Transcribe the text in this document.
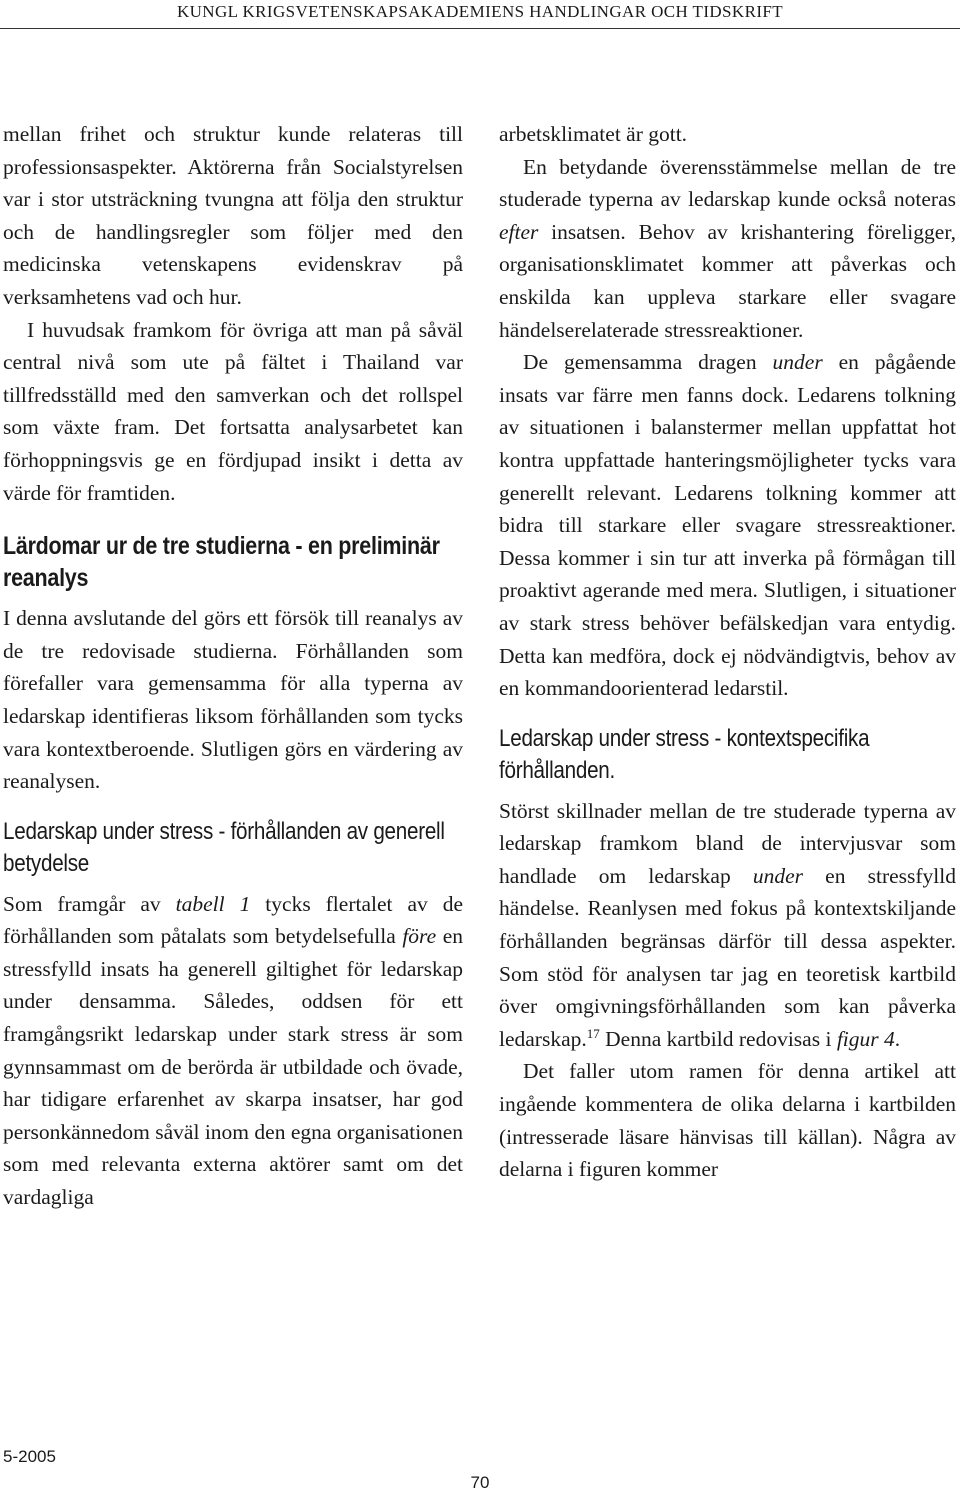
KUNGL KRIGSVETENSKAPSAKADEMIENS HANDLINGAR OCH TIDSKRIFT

mellan frihet och struktur kunde relateras till professionsaspekter. Aktörerna från Socialstyrelsen var i stor utsträckning tvungna att följa den struktur och de handlingsregler som följer med den medicinska vetenskapens evidenskrav på verksamhetens vad och hur.

I huvudsak framkom för övriga att man på såväl central nivå som ute på fältet i Thailand var tillfredsställd med den samverkan och det rollspel som växte fram. Det fortsatta analysarbetet kan förhoppningsvis ge en fördjupad insikt i detta av värde för framtiden.

Lärdomar ur de tre studierna - en preliminär reanalys

I denna avslutande del görs ett försök till reanalys av de tre redovisade studierna. Förhållanden som förefaller vara gemensamma för alla typerna av ledarskap identifieras liksom förhållanden som tycks vara kontextberoende. Slutligen görs en värdering av reanalysen.

Ledarskap under stress - förhållanden av generell betydelse

Som framgår av tabell 1 tycks flertalet av de förhållanden som påtalats som betydelsefulla före en stressfylld insats ha generell giltighet för ledarskap under densamma. Således, oddsen för ett framgångsrikt ledarskap under stark stress är som gynnsammast om de berörda är utbildade och övade, har tidigare erfarenhet av skarpa insatser, har god personkännedom såväl inom den egna organisationen som med relevanta externa aktörer samt om det vardagliga

arbetsklimatet är gott.

En betydande överensstämmelse mellan de tre studerade typerna av ledarskap kunde också noteras efter insatsen. Behov av krishantering föreligger, organisationsklimatet kommer att påverkas och enskilda kan uppleva starkare eller svagare händelserelaterade stressreaktioner.

De gemensamma dragen under en pågående insats var färre men fanns dock. Ledarens tolkning av situationen i balanstermer mellan uppfattat hot kontra uppfattade hanteringsmöjligheter tycks vara generellt relevant. Ledarens tolkning kommer att bidra till starkare eller svagare stressreaktioner. Dessa kommer i sin tur att inverka på förmågan till proaktivt agerande med mera. Slutligen, i situationer av stark stress behöver befälskedjan vara entydig. Detta kan medföra, dock ej nödvändigtvis, behov av en kommandoorienterad ledarstil.

Ledarskap under stress - kontextspecifika förhållanden.

Störst skillnader mellan de tre studerade typerna av ledarskap framkom bland de intervjusvar som handlade om ledarskap under en stressfylld händelse. Reanlysen med fokus på kontextskiljande förhållanden begränsas därför till dessa aspekter. Som stöd för analysen tar jag en teoretisk kartbild över omgivningsförhållanden som kan påverka ledarskap.$^{17}$ Denna kartbild redovisas i figur 4.

Det faller utom ramen för denna artikel att ingående kommentera de olika delarna i kartbilden (intresserade läsare hänvisas till källan). Några av delarna i figuren kommer

5-2005
70
